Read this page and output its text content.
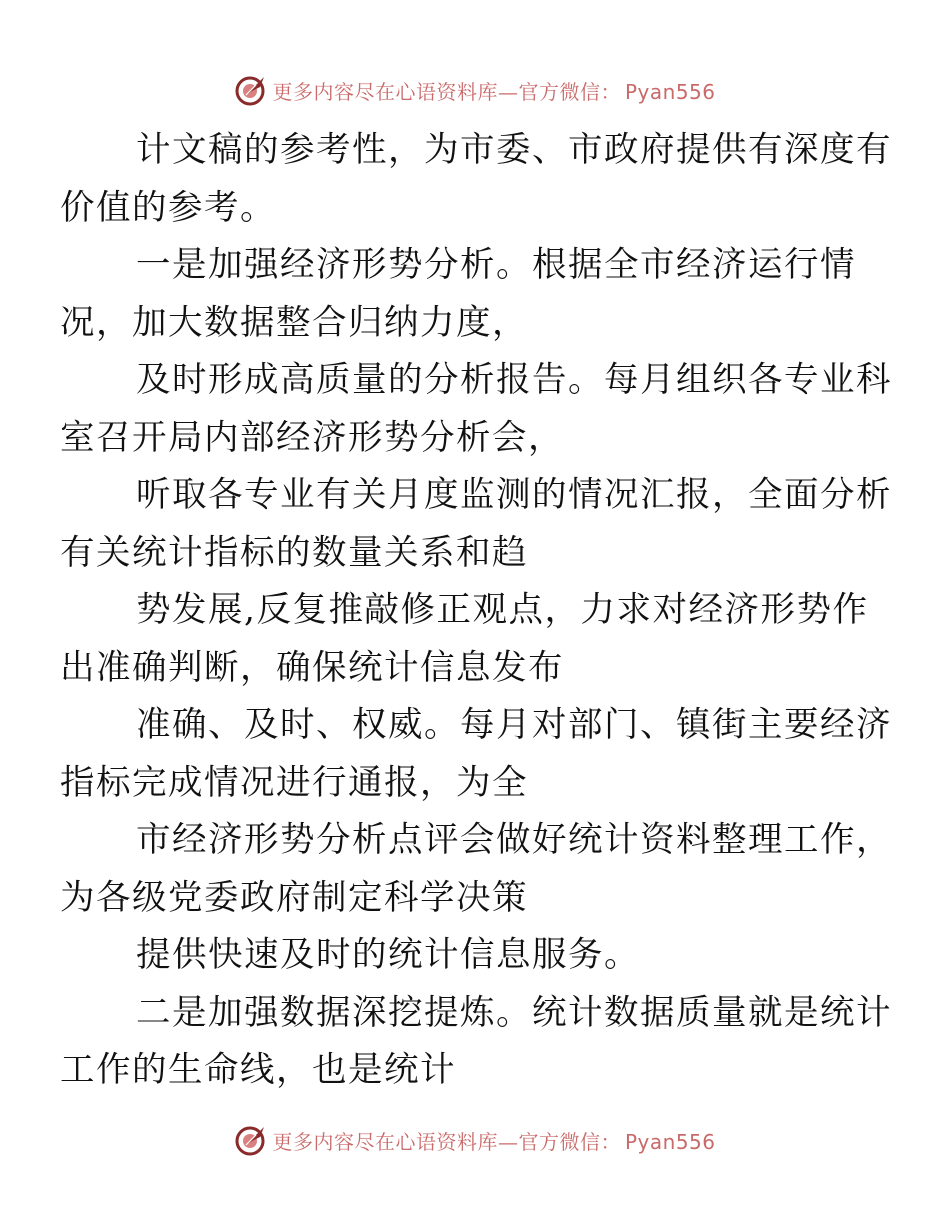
更多内容尽在心语资料库—官方微信： Pyan556

计文稿的参考性，为市委、市政府提供有深度有
价值的参考。

一是加强经济形势分析。根据全市经济运行情
况，加大数据整合归纳力度，

及时形成高质量的分析报告。每月组织各专业科
室召开局内部经济形势分析会，

听取各专业有关月度监测的情况汇报，全面分析
有关统计指标的数量关系和趋

势发展,反复推敲修正观点，力求对经济形势作
出准确判断，确保统计信息发布

准确、及时、权威。每月对部门、镇街主要经济
指标完成情况进行通报，为全

市经济形势分析点评会做好统计资料整理工作，
为各级党委政府制定科学决策

提供快速及时的统计信息服务。

二是加强数据深挖提炼。统计数据质量就是统计
工作的生命线，也是统计

更多内容尽在心语资料库—官方微信： Pyan556
